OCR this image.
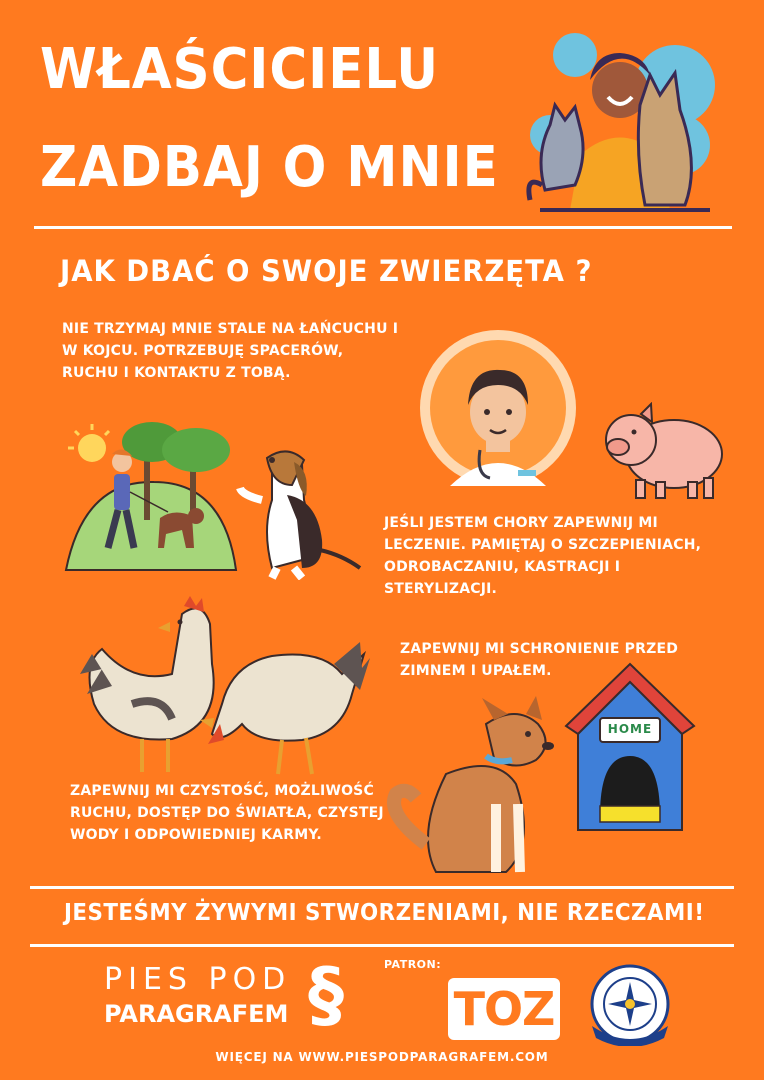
WŁAŚCICIELU
ZADBAJ O MNIE
JAK DBAĆ O SWOJE ZWIERZĘTA ?
NIE TRZYMAJ MNIE STALE NA ŁAŃCUCHU I
W KOJCU. POTRZEBUJĘ SPACERÓW,
RUCHU I KONTAKTU Z TOBĄ.
JEŚLI JESTEM CHORY ZAPEWNIJ MI
LECZENIE. PAMIĘTAJ O SZCZEPIENIACH,
ODROBACZANIU, KASTRACJI I
STERYLIZACJI.
ZAPEWNIJ MI SCHRONIENIE PRZED
ZIMNEM I UPAŁEM.
HOME
ZAPEWNIJ MI CZYSTOŚĆ, MOŻLIWOŚĆ
RUCHU, DOSTĘP DO ŚWIATŁA, CZYSTEJ
WODY I ODPOWIEDNIEJ KARMY.
JESTEŚMY ŻYWYMI STWORZENIAMI, NIE RZECZAMI!
PIES POD
PARAGRAFEM §	PATRON:
TOZ
WIĘCEJ NA WWW.PIESPODPARAGRAFEM.COM
